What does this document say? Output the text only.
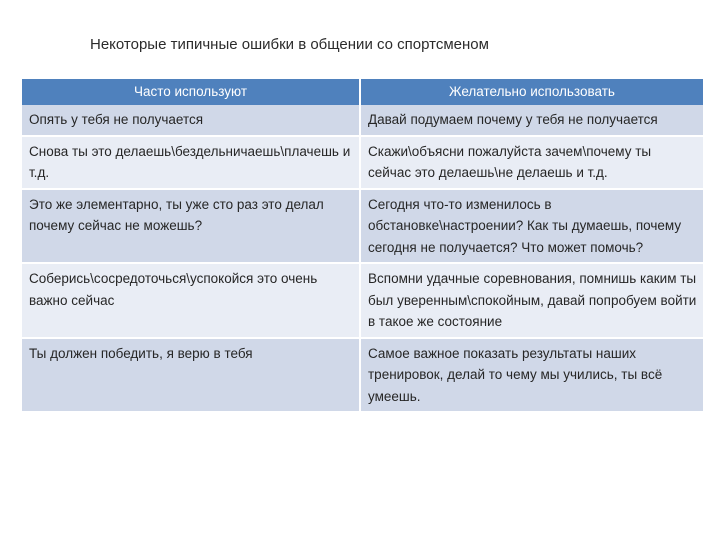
Некоторые типичные ошибки в общении со спортсменом
Часто используют	Желательно использовать
Опять у тебя не получается	Давай подумаем почему у тебя не получается
Снова ты это делаешь\бездельничаешь\плачешь и т.д.	Скажи\объясни пожалуйста зачем\почему ты сейчас это делаешь\не делаешь и т.д.
Это же элементарно, ты уже сто раз это делал почему сейчас не можешь?	Сегодня что-то изменилось в обстановке\настроении? Как ты думаешь, почему сегодня не получается? Что может помочь?
Соберись\сосредоточься\успокойся это очень важно сейчас	Вспомни удачные соревнования, помнишь каким ты был уверенным\спокойным, давай попробуем войти в такое же состояние
Ты должен победить, я верю в тебя	Самое важное показать результаты наших тренировок, делай то чему мы учились, ты всё умеешь.
